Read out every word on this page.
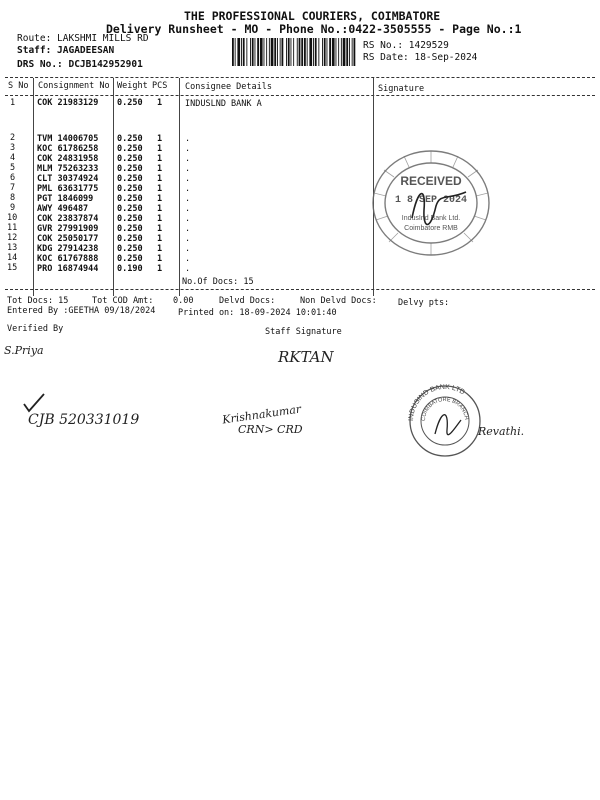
THE PROFESSIONAL COURIERS, COIMBATORE
Delivery Runsheet - MO - Phone No.:0422-3505555 - Page No.:1
Route: LAKSHMI MILLS RD
Staff: JAGADEESAN
DRS No.: DCJB142952901
RS No.: 1429529
RS Date: 18-Sep-2024
S No Consignment No Weight PCS Consignee Details	Signature
1	COK 21983129 0.250 1	INDUSLND BANK A
2	TVM 14006705 0.250 1	.
3	KOC 61786258 0.250 1	.
4	COK 24831958 0.250 1	.
5	MLM 75263233 0.250 1	.
6	CLT 30374924 0.250 1	.
7	PML 63631775 0.250 1	.
8	PGT 1846099	0.250 1	.
9	AWY 496487	0.250 1	.
10 COK 23837874 0.250 1	.
11 GVR 27991909 0.250 1	.
12 COK 25050177 0.250 1	.
13 KDG 27914238 0.250 1	.
14 KOC 61767888 0.250 1	.
15 PRO 16874944 0.190 1	.
No.Of Docs: 15
RECEIVED
1 8 SEP 2024
IndusInd Bank Ltd.
Coimbatore RMB
Tot Docs: 15	Tot COD Amt: 0.00	Delvd Docs:	Non Delvd Docs: Delvy pts:
Entered By :GEETHA 09/18/2024	Printed on: 18-09-2024 10:01:40
Verified By	Staff Signature
S.Priya	RKTAN
CJB 520331019	Krishnakumar
CRN> CRD
INDUSIND BANK LTD
COIMBATORE BRANCH
Revathi.
